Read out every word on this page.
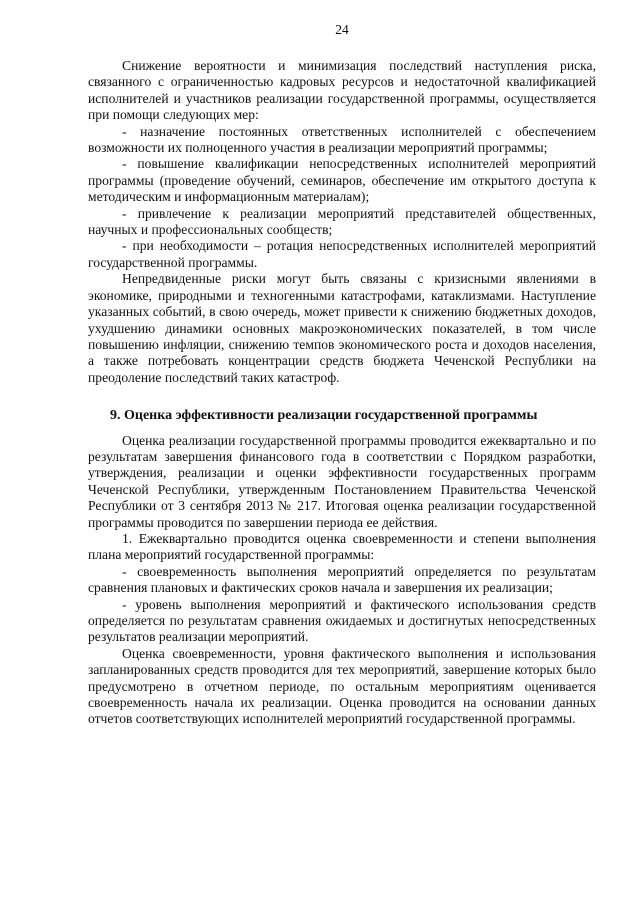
24

Снижение вероятности и минимизация последствий наступления риска, связанного с ограниченностью кадровых ресурсов и недостаточной квалификацией исполнителей и участников реализации государственной программы, осуществляется при помощи следующих мер:

- назначение постоянных ответственных исполнителей с обеспечением возможности их полноценного участия в реализации мероприятий программы;

- повышение квалификации непосредственных исполнителей мероприятий программы (проведение обучений, семинаров, обеспечение им открытого доступа к методическим и информационным материалам);

- привлечение к реализации мероприятий представителей общественных, научных и профессиональных сообществ;

- при необходимости – ротация непосредственных исполнителей мероприятий государственной программы.

Непредвиденные риски могут быть связаны с кризисными явлениями в экономике, природными и техногенными катастрофами, катаклизмами. Наступление указанных событий, в свою очередь, может привести к снижению бюджетных доходов, ухудшению динамики основных макроэкономических показателей, в том числе повышению инфляции, снижению темпов экономического роста и доходов населения, а также потребовать концентрации средств бюджета Чеченской Республики на преодоление последствий таких катастроф.

9. Оценка эффективности реализации государственной программы

Оценка реализации государственной программы проводится ежеквартально и по результатам завершения финансового года в соответствии с Порядком разработки, утверждения, реализации и оценки эффективности государственных программ Чеченской Республики, утвержденным Постановлением Правительства Чеченской Республики от 3 сентября 2013 № 217. Итоговая оценка реализации государственной программы проводится по завершении периода ее действия.

1. Ежеквартально проводится оценка своевременности и степени выполнения плана мероприятий государственной программы:

- своевременность выполнения мероприятий определяется по результатам сравнения плановых и фактических сроков начала и завершения их реализации;

- уровень выполнения мероприятий и фактического использования средств определяется по результатам сравнения ожидаемых и достигнутых непосредственных результатов реализации мероприятий.

Оценка своевременности, уровня фактического выполнения и использования запланированных средств проводится для тех мероприятий, завершение которых было предусмотрено в отчетном периоде, по остальным мероприятиям оценивается своевременность начала их реализации. Оценка проводится на основании данных отчетов соответствующих исполнителей мероприятий государственной программы.
